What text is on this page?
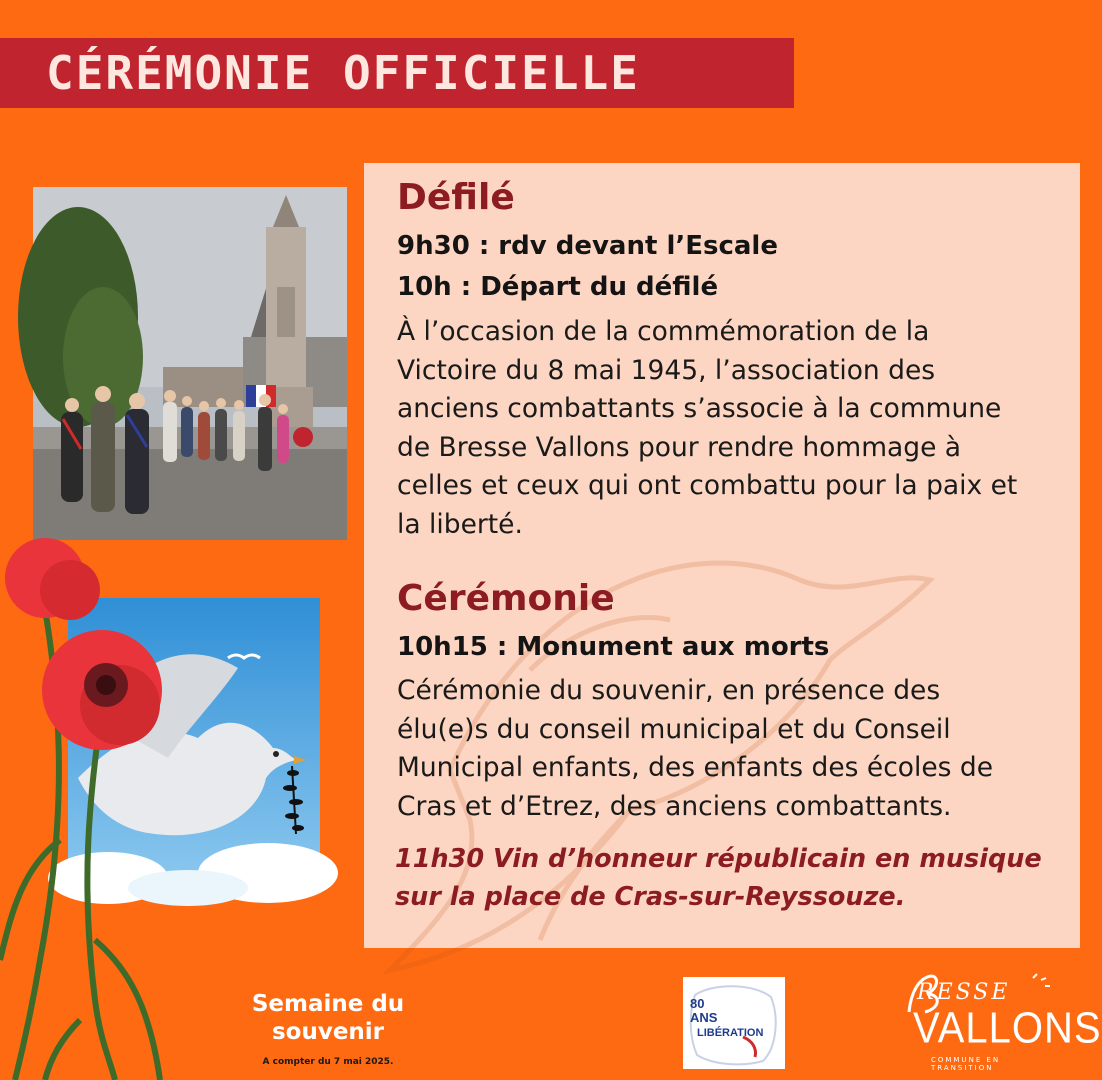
CÉRÉMONIE OFFICIELLE
Défilé
9h30 : rdv devant l’Escale
10h : Départ du défilé
À l’occasion de la commémoration de la
Victoire du 8 mai 1945, l’association des
anciens combattants s’associe à la commune
de Bresse Vallons pour rendre hommage à
celles et ceux qui ont combattu pour la paix et
la liberté.
Cérémonie
10h15 : Monument aux morts
Cérémonie du souvenir, en présence des
élu(e)s du conseil municipal et du Conseil
Municipal enfants, des enfants des écoles de
Cras et d’Etrez, des anciens combattants.
11h30 Vin d’honneur républicain en musique
sur la place de Cras-sur-Reyssouze.
Semaine du
souvenir
A compter du 7 mai 2025.
80
ANS
LIBÉRATION
RESSE
VALLONS
COMMUNE EN TRANSITION
